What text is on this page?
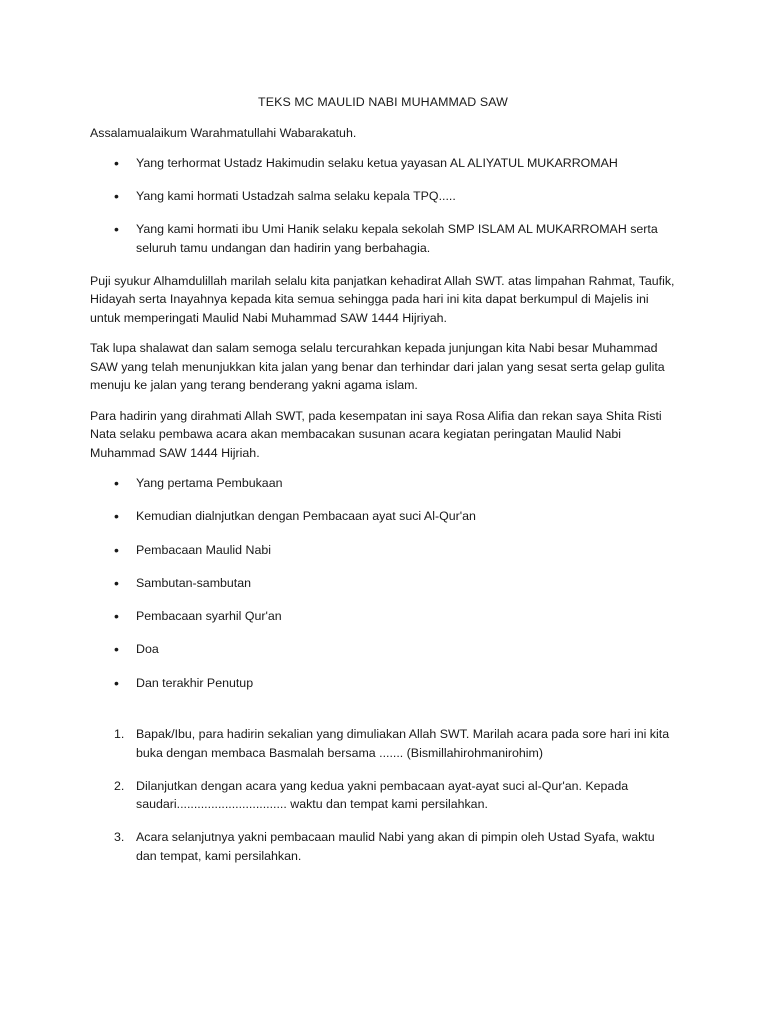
TEKS MC MAULID NABI MUHAMMAD SAW

Assalamualaikum Warahmatullahi Wabarakatuh.

• Yang terhormat Ustadz Hakimudin selaku ketua yayasan AL ALIYATUL MUKARROMAH
• Yang kami hormati Ustadzah salma selaku kepala TPQ.....
• Yang kami hormati ibu Umi Hanik selaku kepala sekolah SMP ISLAM AL MUKARROMAH serta seluruh tamu undangan dan hadirin yang berbahagia.

Puji syukur Alhamdulillah marilah selalu kita panjatkan kehadirat Allah SWT. atas limpahan Rahmat, Taufik, Hidayah serta Inayahnya kepada kita semua sehingga pada hari ini kita dapat berkumpul di Majelis ini untuk memperingati Maulid Nabi Muhammad SAW 1444 Hijriyah.

Tak lupa shalawat dan salam semoga selalu tercurahkan kepada junjungan kita Nabi besar Muhammad SAW yang telah menunjukkan kita jalan yang benar dan terhindar dari jalan yang sesat serta gelap gulita menuju ke jalan yang terang benderang yakni agama islam.

Para hadirin yang dirahmati Allah SWT, pada kesempatan ini saya Rosa Alifia dan rekan saya Shita Risti Nata selaku pembawa acara akan membacakan susunan acara kegiatan peringatan Maulid Nabi Muhammad SAW 1444 Hijriah.

• Yang pertama Pembukaan
• Kemudian dialnjutkan dengan Pembacaan ayat suci Al-Qur'an
• Pembacaan Maulid Nabi
• Sambutan-sambutan
• Pembacaan syarhil Qur'an
• Doa
• Dan terakhir Penutup
1. Bapak/Ibu, para hadirin sekalian yang dimuliakan Allah SWT. Marilah acara pada sore hari ini kita buka dengan membaca Basmalah bersama ....... (Bismillahirohmanirohim)
2. Dilanjutkan dengan acara yang kedua yakni pembacaan ayat-ayat suci al-Qur'an. Kepada saudari................................ waktu dan tempat kami persilahkan.
3. Acara selanjutnya yakni pembacaan maulid Nabi yang akan di pimpin oleh Ustad Syafa, waktu dan tempat, kami persilahkan.
